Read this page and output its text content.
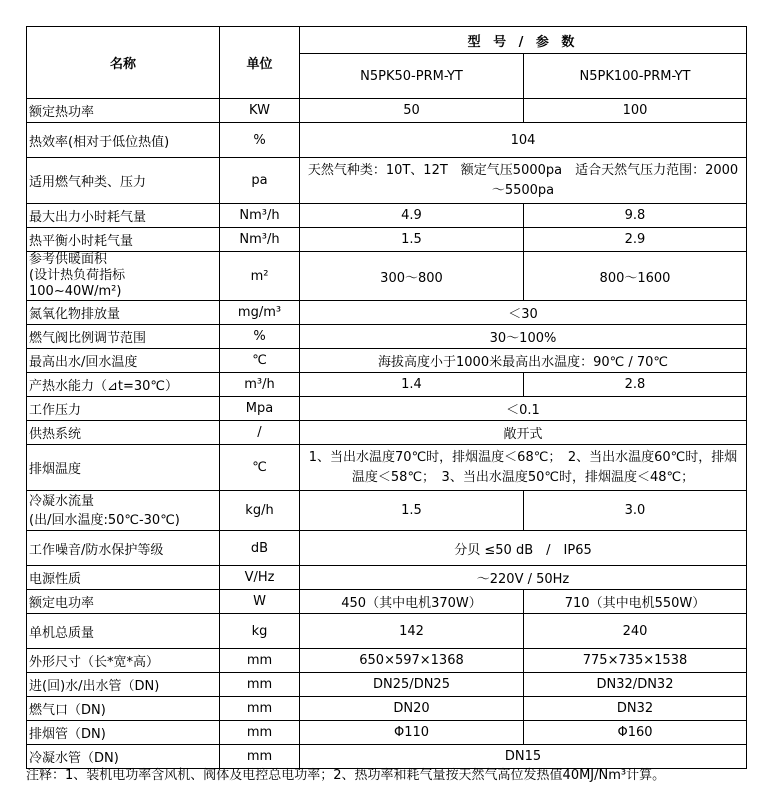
名称	单位	型 号 / 参 数	
		N5PK50-PRM-YT	N5PK100-PRM-YT
额定热功率	KW	50	100
热效率(相对于低位热值)	%	104	
适用燃气种类、压力	pa	天然气种类：10T、12T　额定气压5000pa　适合天然气压力范围：2000
～5500pa	
最大出力小时耗气量	Nm³/h	4.9	9.8
热平衡小时耗气量	Nm³/h	1.5	2.9
参考供暖面积
(设计热负荷指标100~40W/m²)	m²	300～800	800～1600
氮氧化物排放量	mg/m³	＜30	
燃气阀比例调节范围	%	30～100%	
最高出水/回水温度	℃	海拔高度小于1000米最高出水温度：90℃ / 70℃	
产热水能力（⊿t=30℃）	m³/h	1.4	2.8
工作压力	Mpa	＜0.1	
供热系统	/	敞开式	
排烟温度	℃	1、当出水温度70℃时，排烟温度＜68℃；　2、当出水温度60℃时，排烟
温度＜58℃；　3、当出水温度50℃时，排烟温度＜48℃；	
冷凝水流量
(出/回水温度:50℃-30℃)	kg/h	1.5	3.0
工作噪音/防水保护等级	dB	分贝 ≤50 dB　/　IP65	
电源性质	V/Hz	～220V / 50Hz	
额定电功率	W	450（其中电机370W）	710（其中电机550W）
单机总质量	kg	142	240
外形尺寸（长*宽*高）	mm	650×597×1368	775×735×1538
进(回)水/出水管（DN)	mm	DN25/DN25	DN32/DN32
燃气口（DN)	mm	DN20	DN32
排烟管（DN)	mm	Φ110	Φ160
冷凝水管（DN)	mm	DN15	
注释：1、装机电功率含风机、阀体及电控总电功率；2、热功率和耗气量按天然气高位发热值40MJ/Nm³计算。
